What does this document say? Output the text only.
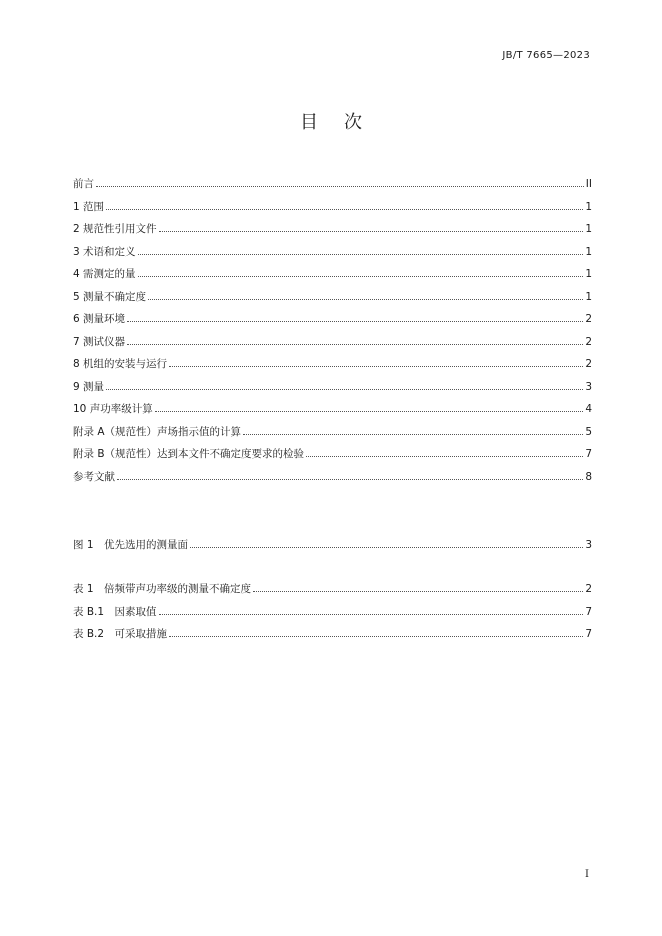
JB/T 7665—2023
目次
前言	II
1 范围	1
2 规范性引用文件	1
3 术语和定义	1
4 需测定的量	1
5 测量不确定度	1
6 测量环境	2
7 测试仪器	2
8 机组的安装与运行	2
9 测量	3
10 声功率级计算	4
附录 A（规范性）声场指示值的计算	5
附录 B（规范性）达到本文件不确定度要求的检验	7
参考文献	8
图 1　优先选用的测量面	3
表 1　倍频带声功率级的测量不确定度	2
表 B.1　因素取值	7
表 B.2　可采取措施	7
I
